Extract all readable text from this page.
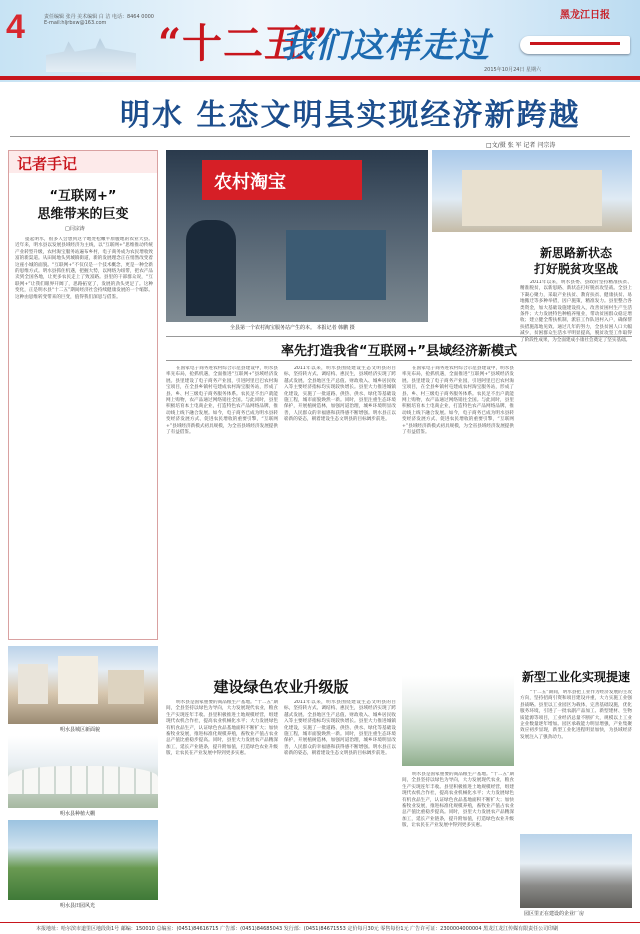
4	责任编辑 张丹 美术编辑 白 洁 电话：8464 0000 E-mail:hljrbxw@163.com	“十二五”
我们这样走过
黑龙江日报
2015年10月24日 星期六
明水 生态文明县实现经济新跨越
□文/摄 张 军 记者 闫宗涛
记者手记
“互联网+”
思维带来的巨变
□闫宗涛
提起明水，很多人会想到这个地处松嫩平原腹地的农业大县。近年来，明水县以发展县域经济为主线，以“互联网+”思维推动传统产业转型升级，农村淘宝服务站遍布乡村，电子商务成为农民增收致富的新渠道。从田间地头到城镇街道，新的发展理念正在悄然改变着这座小城的面貌。“互联网+”不仅仅是一个技术概念，更是一种全新的思维方式。明水县抓住机遇，把握大势，以网络为纽带，把农产品卖到全国各地，让更多农民走上了致富路。县里的干部群众说，“互联网+”让我们眼界开阔了，思路拓宽了，发展的劲头更足了。这种变化，正是明水县“十二五”期间经济社会持续健康发展的一个缩影。这种由思维转变带来的巨变，值得我们深思与借鉴。
明水县城区新面貌
明水县种植大棚
明水县田园风光
农村淘宝
全县第一个农村淘宝服务站产生的本。 本报记者 韩鹏 摄
率先打造我省“互联网+”县域经济新模式
在国家电子商务进农村综合示范县建设中，明水县率先布局，抢抓机遇，全面推进“互联网+”县域经济发展。县里建设了电子商务产业园，引进阿里巴巴农村淘宝项目，在全县乡镇村屯建成农村淘宝服务站，形成了县、乡、村三级电子商务服务体系。农民足不出户就能网上购物，农产品通过网络销往全国。与此同时，县里积极培育本土电商企业，打造特色农产品网络品牌，推动线上线下融合发展。如今，电子商务已成为明水县转变经济发展方式、促进农民增收的重要引擎，“互联网+”县域经济新模式初具规模，为全省县域经济发展提供了有益借鉴。
2011年以来，明水县围绕建设生态文明县的目标，坚持转方式、调结构、惠民生，县域经济实现了跨越式发展。全县地区生产总值、财政收入、城乡居民收入等主要经济指标均实现较快增长。县里大力推进城镇化建设，实施了一批道路、供热、供水、绿化等基础设施工程，城市面貌焕然一新。同时，县里注重生态环境保护，开展植树造林，加强河道治理，城乡环境明显改善，人民群众的幸福感和获得感不断增强。明水县正以崭新的姿态，朝着建设生态文明县的目标阔步前进。
在国家电子商务进农村综合示范县建设中，明水县率先布局，抢抓机遇，全面推进“互联网+”县域经济发展。县里建设了电子商务产业园，引进阿里巴巴农村淘宝项目，在全县乡镇村屯建成农村淘宝服务站，形成了县、乡、村三级电子商务服务体系。农民足不出户就能网上购物，农产品通过网络销往全国。与此同时，县里积极培育本土电商企业，打造特色农产品网络品牌，推动线上线下融合发展。如今，电子商务已成为明水县转变经济发展方式、促进农民增收的重要引擎，“互联网+”县域经济新模式初具规模，为全省县域经济发展提供了有益借鉴。
建设绿色农业升级版
明水县是国家重要的商品粮生产基地。“十二五”期间，全县坚持以绿色为导向，大力发展现代农业，粮食生产实现连年丰收。县里积极推进土地规模经营，组建现代农机合作社，提高农业机械化水平；大力发展绿色有机食品生产，认证绿色食品基地面积不断扩大；加快畜牧业发展，推进标准化规模养殖，畜牧业产值占农业总产值比重稳步提高。同时，县里大力发展农产品精深加工，延长产业链条，提升附加值，打造绿色农业升级版，让农民在产业发展中得到更多实惠。
2011年以来，明水县围绕建设生态文明县的目标，坚持转方式、调结构、惠民生，县域经济实现了跨越式发展。全县地区生产总值、财政收入、城乡居民收入等主要经济指标均实现较快增长。县里大力推进城镇化建设，实施了一批道路、供热、供水、绿化等基础设施工程，城市面貌焕然一新。同时，县里注重生态环境保护，开展植树造林，加强河道治理，城乡环境明显改善，人民群众的幸福感和获得感不断增强。明水县正以崭新的姿态，朝着建设生态文明县的目标阔步前进。
明水县是国家重要的商品粮生产基地。“十二五”期间，全县坚持以绿色为导向，大力发展现代农业，粮食生产实现连年丰收。县里积极推进土地规模经营，组建现代农机合作社，提高农业机械化水平；大力发展绿色有机食品生产，认证绿色食品基地面积不断扩大；加快畜牧业发展，推进标准化规模养殖，畜牧业产值占农业总产值比重稳步提高。同时，县里大力发展农产品精深加工，延长产业链条，提升附加值，打造绿色农业升级版，让农民在产业发展中得到更多实惠。
新思路新状态
打好脱贫攻坚战
2011年以来，明水县委、县政府坚持精准扶贫、精准脱贫，以新思路、新状态打好脱贫攻坚战。全县上下凝心聚力，采取产业扶贫、教育扶贫、健康扶贫、易地搬迁等多种举措，因户施策，精准发力。县里整合各类资金，加大基础设施建设投入，改善贫困村生产生活条件；大力发展特色种植养殖业，带动贫困群众稳定增收；建立健全帮扶机制，派驻工作队进村入户，确保帮扶措施落地见效。通过几年的努力，全县贫困人口大幅减少，贫困群众生活水平明显提高，脱贫攻坚工作取得了阶段性成果，为全面建成小康社会奠定了坚实基础。
新型工业化实现提速
“十二五”期间，明水县把工业作为经济发展的主攻方向，坚持招商引资和项目建设并重，大力实施工业强县战略。县里以工业园区为载体，完善基础设施，优化服务环境，引进了一批农副产品加工、新型建材、生物质能源等项目，工业经济总量不断扩大，规模以上工业企业数量逐年增加。园区承载能力明显增强，产业集聚效应初步显现，新型工业化进程明显加快，为县域经济发展注入了强劲动力。
园区里正在建设的企业厂房
本报地址：哈尔滨市道里区地段街1号 邮编：150010 总编室：(0451)84616715 广告部：(0451)84685043 发行部：(0451)84671553 定价每月30元 零售每份1元 广告许可证：2300004000004 黑龙江龙江传媒有限责任公司印刷
